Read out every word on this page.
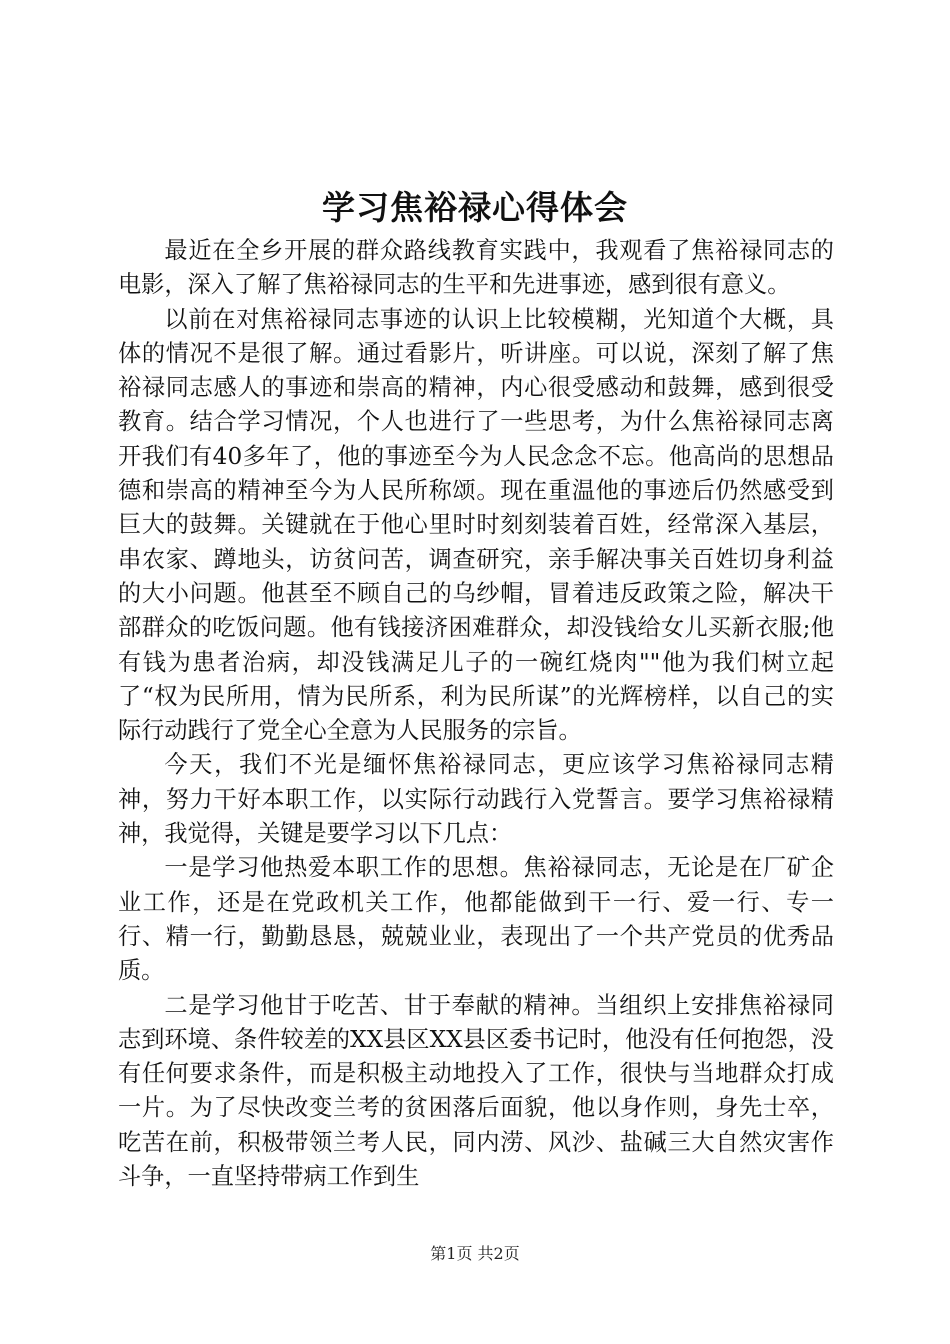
学习焦裕禄心得体会

最近在全乡开展的群众路线教育实践中，我观看了焦裕禄同志的电影，深入了解了焦裕禄同志的生平和先进事迹，感到很有意义。

以前在对焦裕禄同志事迹的认识上比较模糊，光知道个大概，具体的情况不是很了解。通过看影片，听讲座。可以说，深刻了解了焦裕禄同志感人的事迹和崇高的精神，内心很受感动和鼓舞，感到很受教育。结合学习情况，个人也进行了一些思考，为什么焦裕禄同志离开我们有40多年了，他的事迹至今为人民念念不忘。他高尚的思想品德和崇高的精神至今为人民所称颂。现在重温他的事迹后仍然感受到巨大的鼓舞。关键就在于他心里时时刻刻装着百姓，经常深入基层，串农家、蹲地头，访贫问苦，调查研究，亲手解决事关百姓切身利益的大小问题。他甚至不顾自己的乌纱帽，冒着违反政策之险，解决干部群众的吃饭问题。他有钱接济困难群众，却没钱给女儿买新衣服;他有钱为患者治病，却没钱满足儿子的一碗红烧肉""他为我们树立起了“权为民所用，情为民所系，利为民所谋”的光辉榜样，以自己的实际行动践行了党全心全意为人民服务的宗旨。

今天，我们不光是缅怀焦裕禄同志，更应该学习焦裕禄同志精神，努力干好本职工作，以实际行动践行入党誓言。要学习焦裕禄精神，我觉得，关键是要学习以下几点：

一是学习他热爱本职工作的思想。焦裕禄同志，无论是在厂矿企业工作，还是在党政机关工作，他都能做到干一行、爱一行、专一行、精一行，勤勤恳恳，兢兢业业，表现出了一个共产党员的优秀品质。

二是学习他甘于吃苦、甘于奉献的精神。当组织上安排焦裕禄同志到环境、条件较差的XX县区XX县区委书记时，他没有任何抱怨，没有任何要求条件，而是积极主动地投入了工作，很快与当地群众打成一片。为了尽快改变兰考的贫困落后面貌，他以身作则，身先士卒，吃苦在前，积极带领兰考人民，同内涝、风沙、盐碱三大自然灾害作斗争，一直坚持带病工作到生

第1页 共2页
